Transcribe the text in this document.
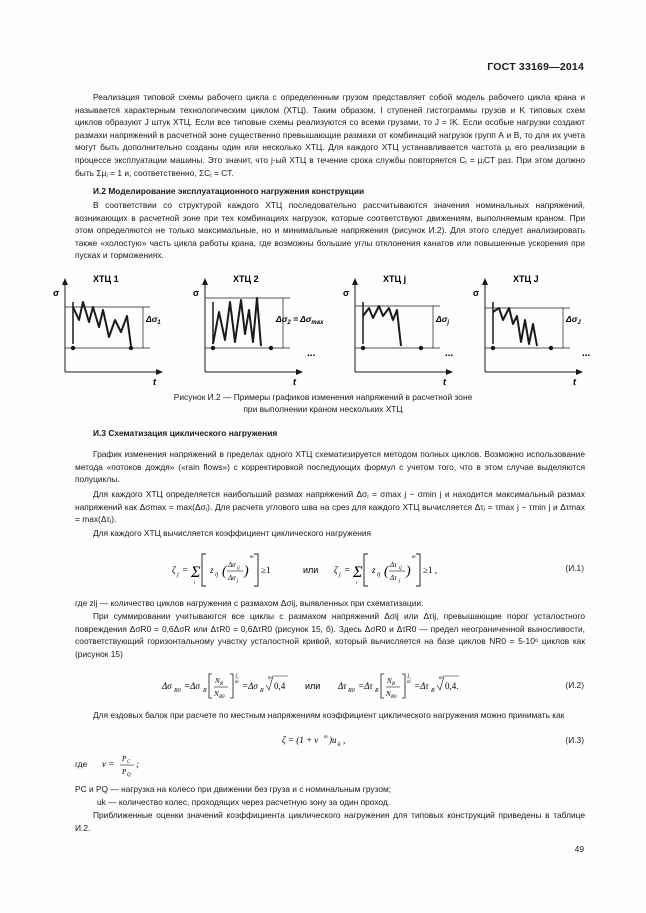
ГОСТ 33169—2014

Реализация типовой схемы рабочего цикла с определенным грузом представляет собой модель рабочего цикла крана и называется характерным технологическим циклом (ХТЦ). Таким образом, I ступеней гистограммы грузов и K типовых схем циклов образуют J штук ХТЦ. Если все типовые схемы реализуются со всеми грузами, то J = IK. Если особые нагрузки создают размахи напряжений в расчетной зоне существенно превышающие размахи от комбинаций нагрузок групп А и В, то для их учета могут быть дополнительно созданы один или несколько ХТЦ. Для каждого ХТЦ устанавливается частота μⱼ его реализации в процессе эксплуатации машины. Это значит, что j-ый ХТЦ в течение срока службы повторяется Cⱼ = μⱼCT раз. При этом должно быть Σμⱼ = 1 и, соответственно, ΣCⱼ = CT.

И.2 Моделирование эксплуатационного нагружения конструкции

В соответствии со структурой каждого ХТЦ последовательно рассчитываются значения номинальных напряжений, возникающих в расчетной зоне при тех комбинациях нагрузок, которые соответствуют движениям, выполняемым краном. При этом определяются не только максимальные, но и минимальные напряжения (рисунок И.2). Для этого следует анализировать также «холостую» часть цикла работы крана, где возможны большие углы отклонения канатов или повышенные ускорения при пусках и торможениях.

σ
t
ХТЦ 1
$\Delta\sigma_1$
σ
t
ХТЦ 2
$\Delta\sigma_2 = \Delta\sigma_{max}$
σ
t
ХТЦ j
$\Delta\sigma_j$
σ
t
ХТЦ J
$\Delta\sigma_J$
...	...	...
Рисунок И.2 — Примеры графиков изменения напряжений в расчетной зоне
при выполнении краном нескольких ХТЦ
И.3 Схематизация циклического нагружения

График изменения напряжений в пределах одного ХТЦ схематизируется методом полных циклов. Возможно использование метода «потоков дождя» («rain flows») с корректировкой последующих формул с учетом того, что в этом случае выделяются полуциклы.

Для каждого ХТЦ определяется наибольший размах напряжений Δσⱼ = σmax j − σmin j и находится максимальный размах напряжений как Δσmax = max(Δσⱼ). Для расчета углового шва на срез для каждого ХТЦ вычисляется Δτⱼ = τmax j − τmin j и Δτmax = max(Δτⱼ).

Для каждого ХТЦ вычисляется коэффициент циклического нагружения

ζ j = Σ
i
z ij ( Δσ ij
Δσ j
)
m
≥1	или ζ j = Σ
i
z ij ( Δτ ij
Δτ j
)
m
≥1 ,	(И.1)

где zij — количество циклов нагружения с размахом Δσij, выявленных при схематизации.

При суммировании учитываются все циклы с размахом напряжений Δσij или Δτij, превышающие порог усталостного повреждения ΔσR0 = 0,6ΔσR или ΔτR0 = 0,6ΔτR0 (рисунок 15, б). Здесь ΔσR0 и ΔτR0 — предел неограниченной выносливости, соответствующий горизонтальному участку усталостной кривой, который вычисляется на базе циклов NR0 = 5·10⁶ циклов как (рисунок 15)

Δσ R0 =Δσ R
N R
N R0
1
m =Δσ R
m
0,4 или Δτ R0 =Δτ R
N R
N R0
1
m =Δτ R
m
0,4.	(И.2)

Для ездовых балок при расчете по местным напряжениям коэффициент циклического нагружения можно принимать как

ζ = (1 + ν m )u k ,	(И.3)
где ν = P C
P Q
;
PC и PQ — нагрузка на колесо при движении без груза и с номинальным грузом;
uk — количество колес, проходящих через расчетную зону за один проход.

Приближенные оценки значений коэффициента циклического нагружения для типовых конструкций приведены в таблице И.2.

49
